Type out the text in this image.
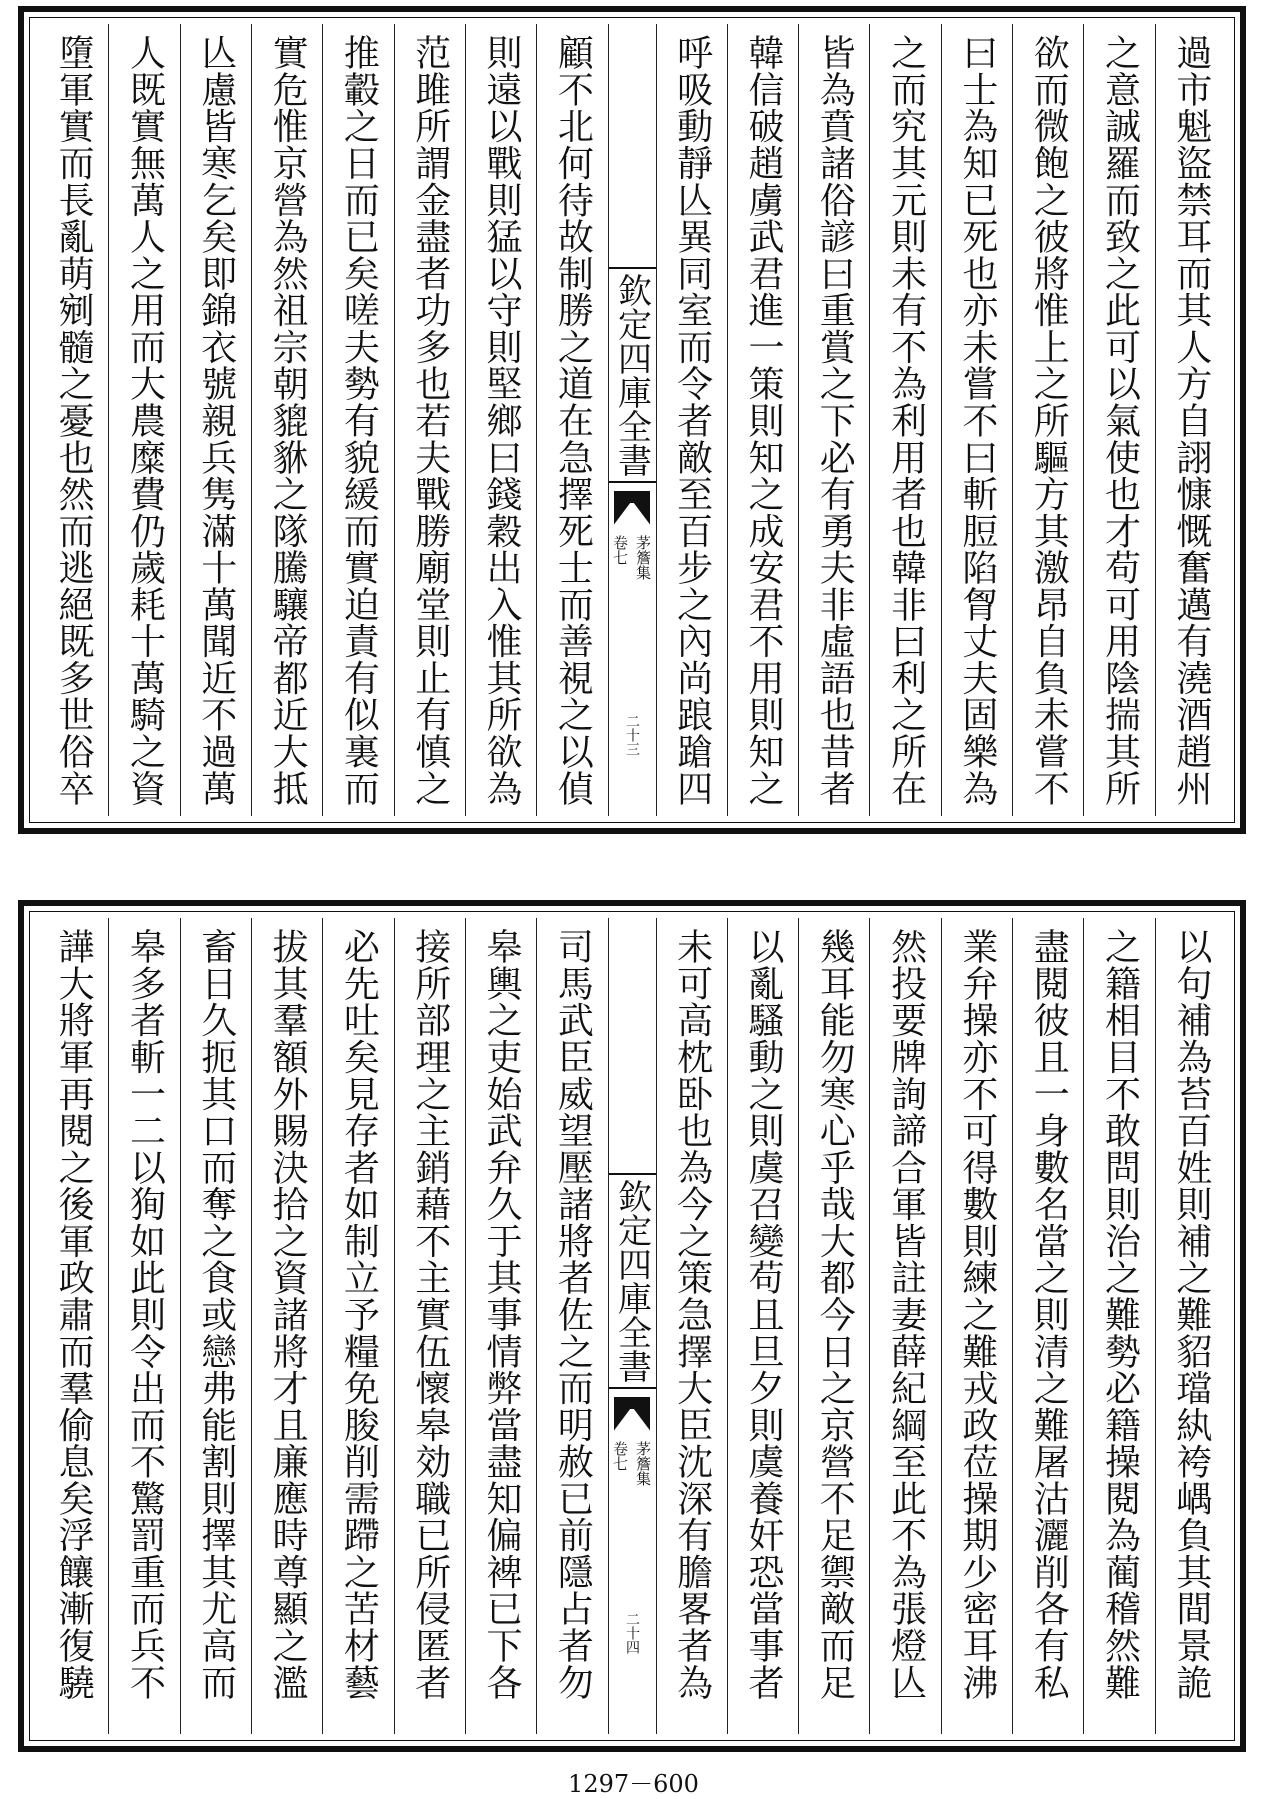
過市魁盜禁耳而其人方自詡慷慨奮邁有澆酒趙州
之意誠羅而致之此可以氣使也才苟可用陰揣其所
欲而微飽之彼將惟上之所驅方其激昂自負未嘗不
曰士為知已死也亦未嘗不曰斬脰陷胷丈夫固樂為
之而究其元則未有不為利用者也韓非曰利之所在
皆為賁諸俗諺曰重賞之下必有勇夫非虛語也昔者
韓信破趙虜武君進一策則知之成安君不用則知之
呼吸動靜亾異同室而令者敵至百步之內尚踉蹌四
欽定四庫全書
茅簷集
卷七
二十三
顧不北何待故制勝之道在急擇死士而善視之以偵
則遠以戰則猛以守則堅鄉曰錢穀出入惟其所欲為
范雎所謂金盡者功多也若夫戰勝廟堂則止有慎之
推轂之日而已矣嗟夫勢有貌緩而實迫責有似裏而
實危惟京營為然祖宗朝貔貅之隊騰驤帝都近大抵
亾慮皆寒乞矣即錦衣號親兵隽滿十萬聞近不過萬
人既實無萬人之用而大農糜費仍歲耗十萬騎之資
墮軍實而長亂萌剜髓之憂也然而逃絕既多世俗卒
以句補為苔百姓則補之難貂璫紈袴嵎負其間景詭
之籍相目不敢問則治之難勢必籍操閱為蔺稽然難
盡閱彼且一身數名當之則清之難屠沽灑削各有私
業弁操亦不可得數則練之難戎政莅操期少密耳沸
然投要牌詢諦合軍皆註妻薛紀綱至此不為張燈亾
幾耳能勿寒心乎哉大都今日之京營不足禦敵而足
以亂騷動之則虞召變苟且旦夕則虞養奸恐當事者
未可高枕卧也為今之策急擇大臣沈深有膽畧者為
欽定四庫全書
茅簷集
卷七
二十四
司馬武臣威望壓諸將者佐之而明赦已前隱占者勿
皋輿之吏始武弁久于其事情弊當盡知偏裨已下各
接所部理之主銷藉不主實伍懷皋効職已所侵匿者
必先吐矣見存者如制立予糧免朘削需蹛之苦材藝
拔其羣額外賜決拾之資諸將才且廉應時尊顯之濫
畜日久扼其口而奪之食或戀弗能割則擇其尤高而
皋多者斬一二以狥如此則令出而不驚罰重而兵不
譁大將軍再閱之後軍政肅而羣偷息矣浮饟漸復驍
1297－600
